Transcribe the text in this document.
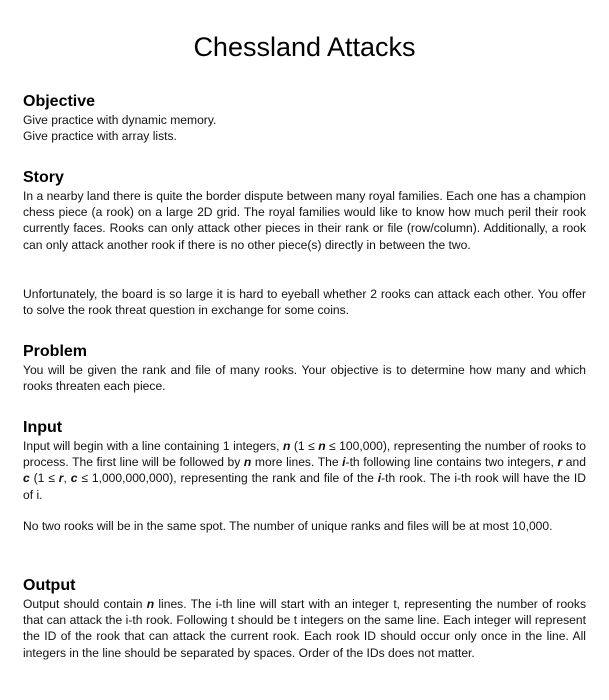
Chessland Attacks
Objective
Give practice with dynamic memory.
Give practice with array lists.
Story
In a nearby land there is quite the border dispute between many royal families. Each one has a champion chess piece (a rook) on a large 2D grid. The royal families would like to know how much peril their rook currently faces. Rooks can only attack other pieces in their rank or file (row/column). Additionally, a rook can only attack another rook if there is no other piece(s) directly in between the two.
Unfortunately, the board is so large it is hard to eyeball whether 2 rooks can attack each other. You offer to solve the rook threat question in exchange for some coins.
Problem
You will be given the rank and file of many rooks. Your objective is to determine how many and which rooks threaten each piece.
Input
Input will begin with a line containing 1 integers, n (1 ≤ n ≤ 100,000), representing the number of rooks to process. The first line will be followed by n more lines. The i-th following line contains two integers, r and c (1 ≤ r, c ≤ 1,000,000,000), representing the rank and file of the i-th rook. The i-th rook will have the ID of i.
No two rooks will be in the same spot. The number of unique ranks and files will be at most 10,000.
Output
Output should contain n lines. The i-th line will start with an integer t, representing the number of rooks that can attack the i-th rook. Following t should be t integers on the same line. Each integer will represent the ID of the rook that can attack the current rook. Each rook ID should occur only once in the line. All integers in the line should be separated by spaces. Order of the IDs does not matter.
